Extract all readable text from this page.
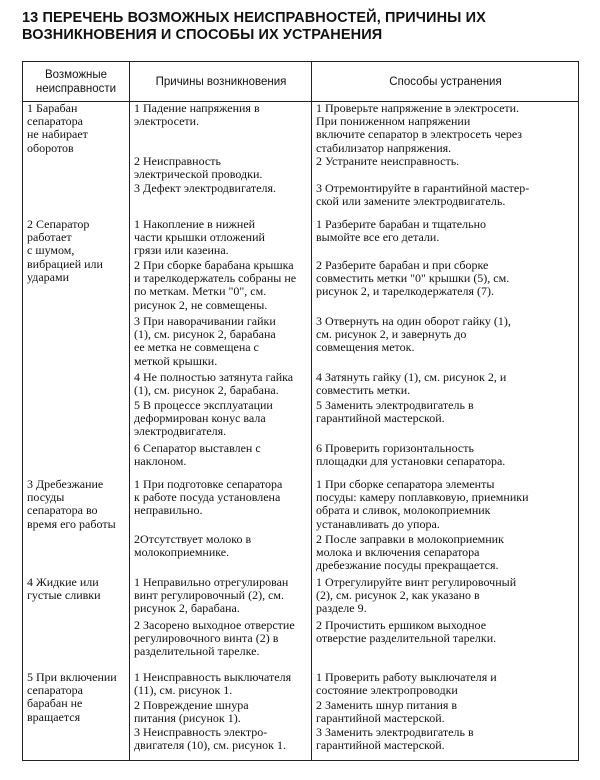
13 ПЕРЕЧЕНЬ ВОЗМОЖНЫХ НЕИСПРАВНОСТЕЙ, ПРИЧИНЫ ИХ
ВОЗНИКНОВЕНИЯ И СПОСОБЫ ИХ УСТРАНЕНИЯ
Возможные
неисправности
Причины возникновения	Способы устранения
1 Барабан
сепаратора
не набирает
оборотов
1 Падение напряжения в
электросети.
2 Неисправность
электрической проводки.
3 Дефект электродвигателя.
1 Проверьте напряжение в электросети.
При пониженном напряжении
включите сепаратор в электросеть через
стабилизатор напряжения.
2 Устраните неисправность.
3 Отремонтируйте в гарантийной мастер-
ской или замените электродвигатель.
2 Сепаратор
работает
с шумом,
вибрацией или
ударами
1 Накопление в нижней
части крышки отложений
грязи или казеина.
2 При сборке барабана крышка
и тарелкодержатель собраны не
по меткам. Метки "0", см.
рисунок 2, не совмещены.
3 При наворачивании гайки
(1), см. рисунок 2, барабана
ее метка не совмещена с
меткой крышки.
4 Не полностью затянута гайка
(1), см. рисунок 2, барабана.
5 В процессе эксплуатации
деформирован конус вала
электродвигателя.
6 Сепаратор выставлен с
наклоном.
1 Разберите барабан и тщательно
вымойте все его детали.
2 Разберите барабан и при сборке
совместить метки "0" крышки (5), см.
рисунок 2, и тарелкодержателя (7).
3 Отвернуть на один оборот гайку (1),
см. рисунок 2, и завернуть до
совмещения меток.
4 Затянуть гайку (1), см. рисунок 2, и
совместить метки.
5 Заменить электродвигатель в
гарантийной мастерской.
6 Проверить горизонтальность
площадки для установки сепаратора.
3 Дребезжание
посуды
сепаратора во
время его работы
1 При подготовке сепаратора
к работе посуда установлена
неправильно.
2Отсутствует молоко в
молокоприемнике.
1 При сборке сепаратора элементы
посуды: камеру поплавковую, приемники
обрата и сливок, молокоприемник
устанавливать до упора.
2 После заправки в молокоприемник
молока и включения сепаратора
дребезжание посуды прекращается.
4 Жидкие или
густые сливки
1 Неправильно отрегулирован
винт регулировочный (2), см.
рисунок 2, барабана.
2 Засорено выходное отверстие
регулировочного винта (2) в
разделительной тарелке.
1 Отрегулируйте винт регулировочный
(2), см. рисунок 2, как указано в
разделе 9.
2 Прочистить ершиком выходное
отверстие разделительной тарелки.
5 При включении
сепаратора
барабан не
вращается
1 Неисправность выключателя
(11), см. рисунок 1.
2 Повреждение шнура
питания (рисунок 1).
3 Неисправность электро-
двигателя (10), см. рисунок 1.
1 Проверить работу выключателя и
состояние электропроводки
2 Заменить шнур питания в
гарантийной мастерской.
3 Заменить электродвигатель в
гарантийной мастерской.
